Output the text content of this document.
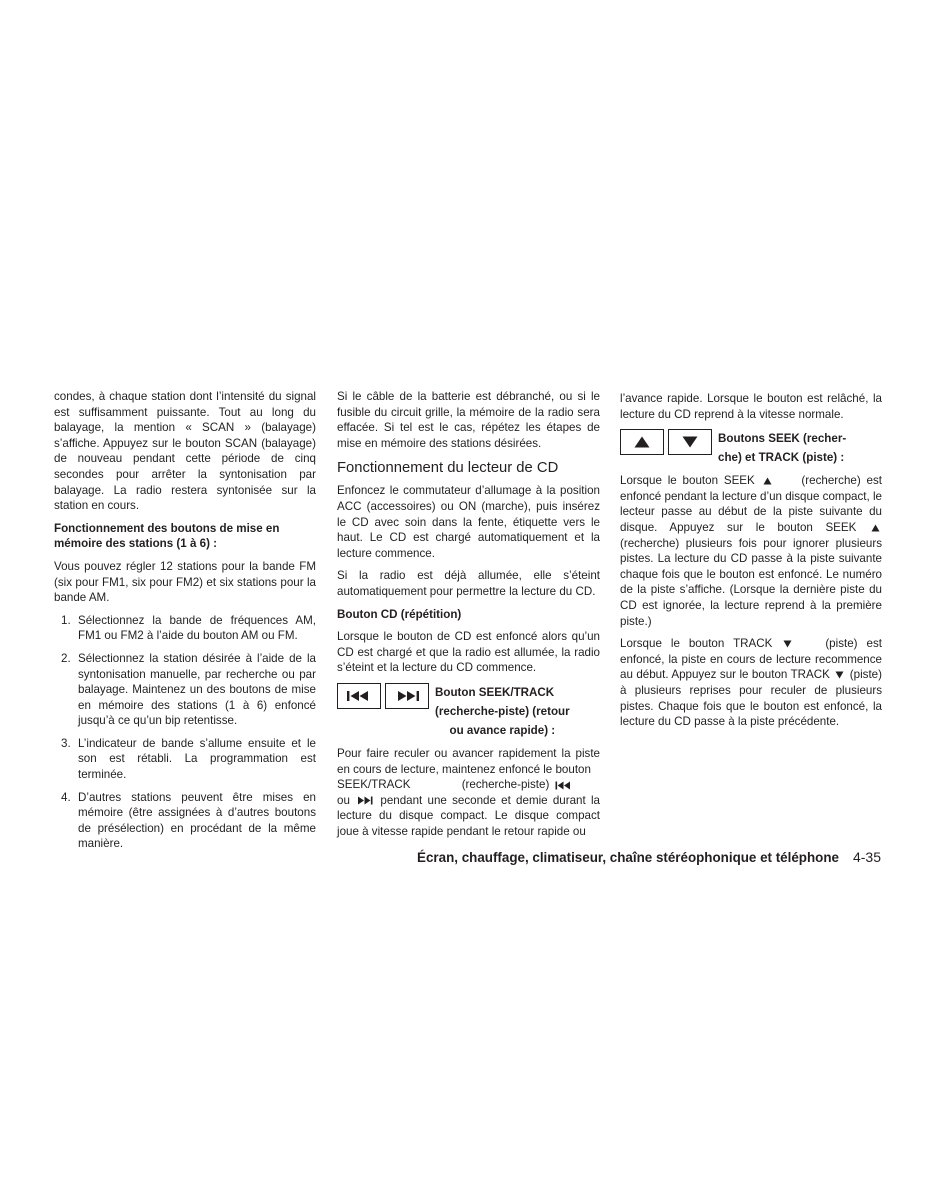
condes, à chaque station dont l’intensité du signal est suffisamment puissante. Tout au long du balayage, la mention « SCAN » (balayage) s’affiche. Appuyez sur le bouton SCAN (balayage) de nouveau pendant cette période de cinq secondes pour arrêter la syntonisation par balayage. La radio restera syntonisée sur la station en cours.

Fonctionnement des boutons de mise en mémoire des stations (1 à 6) :

Vous pouvez régler 12 stations pour la bande FM (six pour FM1, six pour FM2) et six stations pour la bande AM.

1. Sélectionnez la bande de fréquences AM, FM1 ou FM2 à l’aide du bouton AM ou FM.
2. Sélectionnez la station désirée à l’aide de la syntonisation manuelle, par recherche ou par balayage. Maintenez un des boutons de mise en mémoire des stations (1 à 6) enfoncé jusqu’à ce qu’un bip retentisse.
3. L’indicateur de bande s’allume ensuite et le son est rétabli. La programmation est terminée.
4. D’autres stations peuvent être mises en mémoire (être assignées à d’autres boutons de présélection) en procédant de la même manière.

Si le câble de la batterie est débranché, ou si le fusible du circuit grille, la mémoire de la radio sera effacée. Si tel est le cas, répétez les étapes de mise en mémoire des stations désirées.

Fonctionnement du lecteur de CD

Enfoncez le commutateur d’allumage à la position ACC (accessoires) ou ON (marche), puis insérez le CD avec soin dans la fente, étiquette vers le haut. Le CD est chargé automatiquement et la lecture commence.

Si la radio est déjà allumée, elle s’éteint automatiquement pour permettre la lecture du CD.

Bouton CD (répétition)

Lorsque le bouton de CD est enfoncé alors qu’un CD est chargé et que la radio est allumée, la radio s’éteint et la lecture du CD commence.

Bouton SEEK/TRACK
(recherche-piste) (retour
ou avance rapide) :

Pour faire reculer ou avancer rapidement la piste en cours de lecture, maintenez enfoncé le bouton
SEEK/TRACK	(recherche-piste)
ou	pendant une seconde et demie durant la lecture du disque compact. Le disque compact joue à vitesse rapide pendant le retour rapide ou

l’avance rapide. Lorsque le bouton est relâché, la lecture du CD reprend à la vitesse normale.

Boutons SEEK (recher-
che) et TRACK (piste) :

Lorsque le bouton SEEK	(recherche) est enfoncé pendant la lecture d’un disque compact, le lecteur passe au début de la piste suivante du disque. Appuyez sur le bouton SEEK  (recherche) plusieurs fois pour ignorer plusieurs pistes. La lecture du CD passe à la piste suivante chaque fois que le bouton est enfoncé. Le numéro de la piste s’affiche. (Lorsque la dernière piste du CD est ignorée, la lecture reprend à la première piste.)

Lorsque le bouton TRACK	(piste) est enfoncé, la piste en cours de lecture recommence au début. Appuyez sur le bouton TRACK (piste) à plusieurs reprises pour reculer de plusieurs pistes. Chaque fois que le bouton est enfoncé, la lecture du CD passe à la piste précédente.

Écran, chauffage, climatiseur, chaîne stéréophonique et téléphone 4-35
